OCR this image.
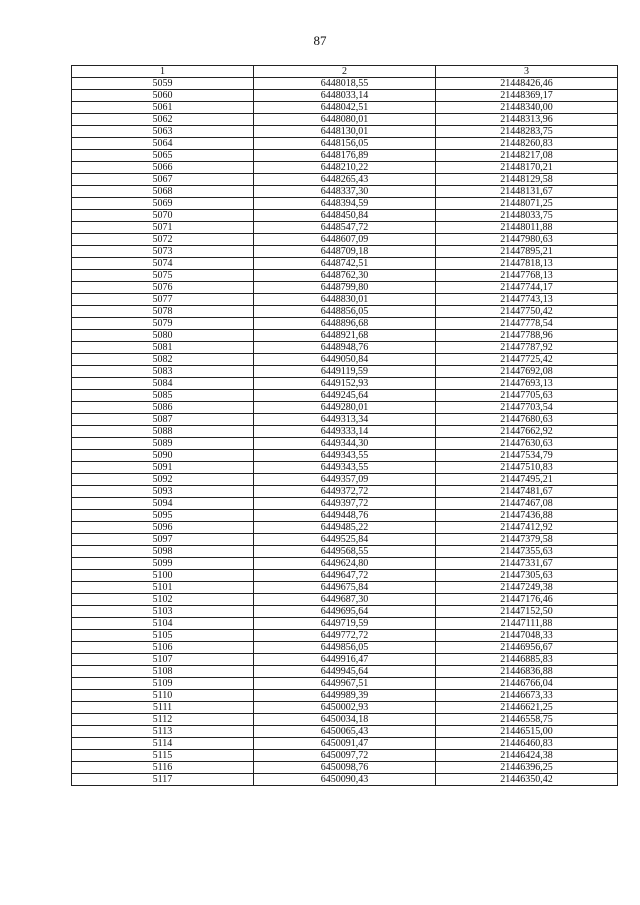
87
1	2	3
5059	6448018,55	21448426,46
5060	6448033,14	21448369,17
5061	6448042,51	21448340,00
5062	6448080,01	21448313,96
5063	6448130,01	21448283,75
5064	6448156,05	21448260,83
5065	6448176,89	21448217,08
5066	6448210,22	21448170,21
5067	6448265,43	21448129,58
5068	6448337,30	21448131,67
5069	6448394,59	21448071,25
5070	6448450,84	21448033,75
5071	6448547,72	21448011,88
5072	6448607,09	21447980,63
5073	6448709,18	21447895,21
5074	6448742,51	21447818,13
5075	6448762,30	21447768,13
5076	6448799,80	21447744,17
5077	6448830,01	21447743,13
5078	6448856,05	21447750,42
5079	6448896,68	21447778,54
5080	6448921,68	21447788,96
5081	6448948,76	21447787,92
5082	6449050,84	21447725,42
5083	6449119,59	21447692,08
5084	6449152,93	21447693,13
5085	6449245,64	21447705,63
5086	6449280,01	21447703,54
5087	6449313,34	21447680,63
5088	6449333,14	21447662,92
5089	6449344,30	21447630,63
5090	6449343,55	21447534,79
5091	6449343,55	21447510,83
5092	6449357,09	21447495,21
5093	6449372,72	21447481,67
5094	6449397,72	21447467,08
5095	6449448,76	21447436,88
5096	6449485,22	21447412,92
5097	6449525,84	21447379,58
5098	6449568,55	21447355,63
5099	6449624,80	21447331,67
5100	6449647,72	21447305,63
5101	6449675,84	21447249,38
5102	6449687,30	21447176,46
5103	6449695,64	21447152,50
5104	6449719,59	21447111,88
5105	6449772,72	21447048,33
5106	6449856,05	21446956,67
5107	6449916,47	21446885,83
5108	6449945,64	21446836,88
5109	6449967,51	21446766,04
5110	6449989,39	21446673,33
5111	6450002,93	21446621,25
5112	6450034,18	21446558,75
5113	6450065,43	21446515,00
5114	6450091,47	21446460,83
5115	6450097,72	21446424,38
5116	6450098,76	21446396,25
5117	6450090,43	21446350,42
